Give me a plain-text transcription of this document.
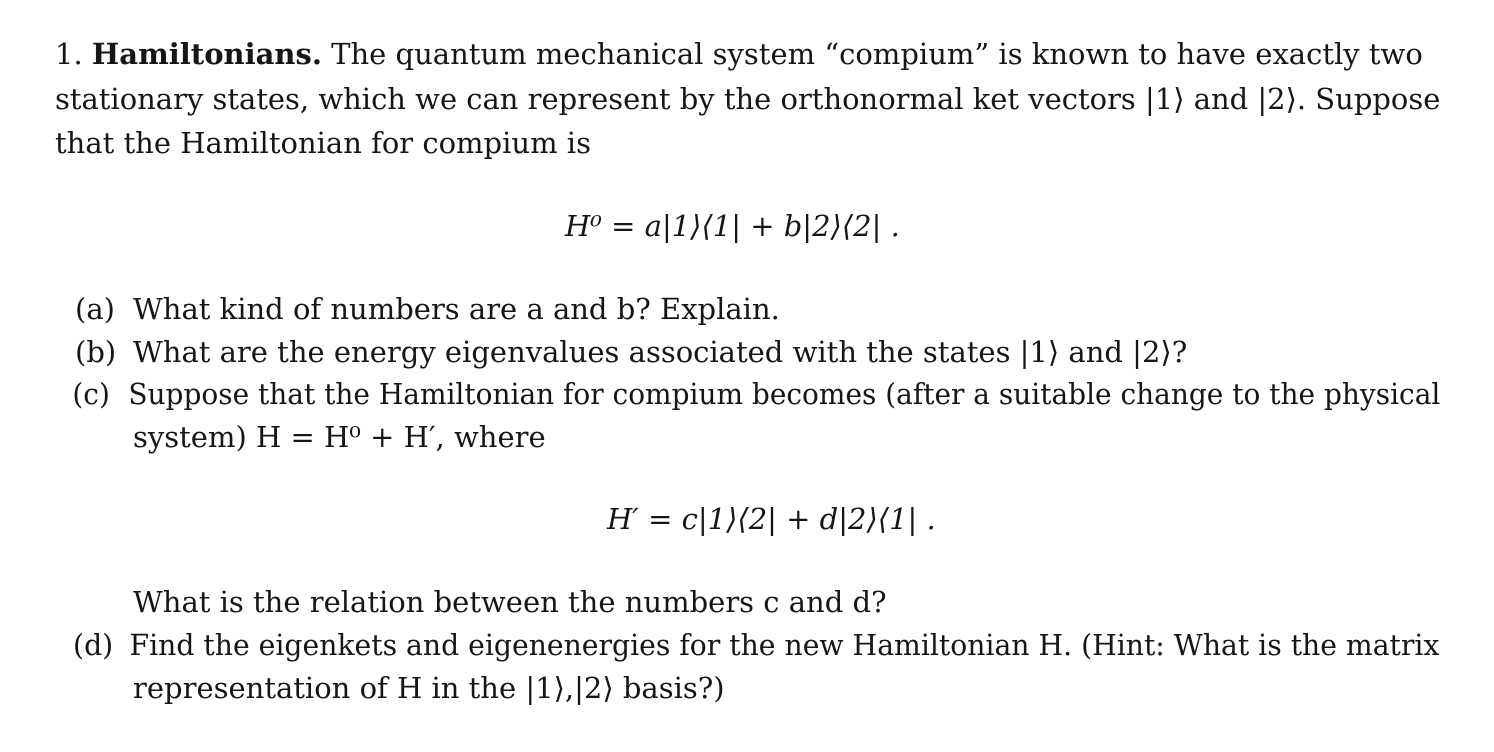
1. Hamiltonians. The quantum mechanical system “compium” is known to have exactly two
stationary states, which we can represent by the orthonormal ket vectors |1⟩ and |2⟩. Suppose
that the Hamiltonian for compium is
H⁰ = a|1⟩⟨1| + b|2⟩⟨2| .
(a) What kind of numbers are a and b? Explain.
(b) What are the energy eigenvalues associated with the states |1⟩ and |2⟩?
(c) Suppose that the Hamiltonian for compium becomes (after a suitable change to the physical
system) H = H⁰ + H′, where
H′ = c|1⟩⟨2| + d|2⟩⟨1| .
What is the relation between the numbers c and d?
(d) Find the eigenkets and eigenenergies for the new Hamiltonian H. (Hint: What is the matrix
representation of H in the |1⟩,|2⟩ basis?)
